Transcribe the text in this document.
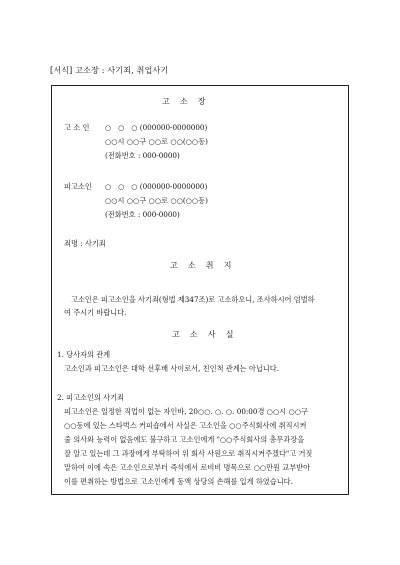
[서식] 고소장 : 사기죄, 취업사기
고    소    장
고 소 인 ○   ○   ○ (000000-0000000)
○○시 ○○구 ○○로 ○○(○○동)
(전화번호 : 000-0000)
피고소인 ○   ○   ○ (000000-0000000)
○○시 ○○구 ○○로 ○○(○○동)
(전화번호 : 000-0000)
죄명 : 사기죄
고    소    취    지
고소인은 피고소인을 사기죄(형법 제347조)로 고소하오니, 조사하시어 엄벌하
여 주시기 바랍니다.
고    소    사    실
1. 당사자의 관계
고소인과 피고소인은 대학 선후배 사이로서, 친인척 관계는 아닙니다.
2. 피고소인의 사기죄
피고소인은 일정한 직업이 없는 자인바, 20○○. ○. ○. 00:00경 ○○시 ○○구
○○동에 있는 스타벅스 커피숍에서 사실은 고소인을 ○○주식회사에 취직시켜
줄 의사와 능력이 없음에도 불구하고 고소인에게 "○○주식회사의 총무과장을
잘 알고 있는데 그 과장에게 부탁하여 위 회사 사원으로 취직시켜주겠다"고 거짓
말하여 이에 속은 고소인으로부터 즉석에서 로비비 명목으로 ○○만원 교부받아
이를 편취하는 방법으로 고소인에게 동액 상당의 손해를 입게 하였습니다.
